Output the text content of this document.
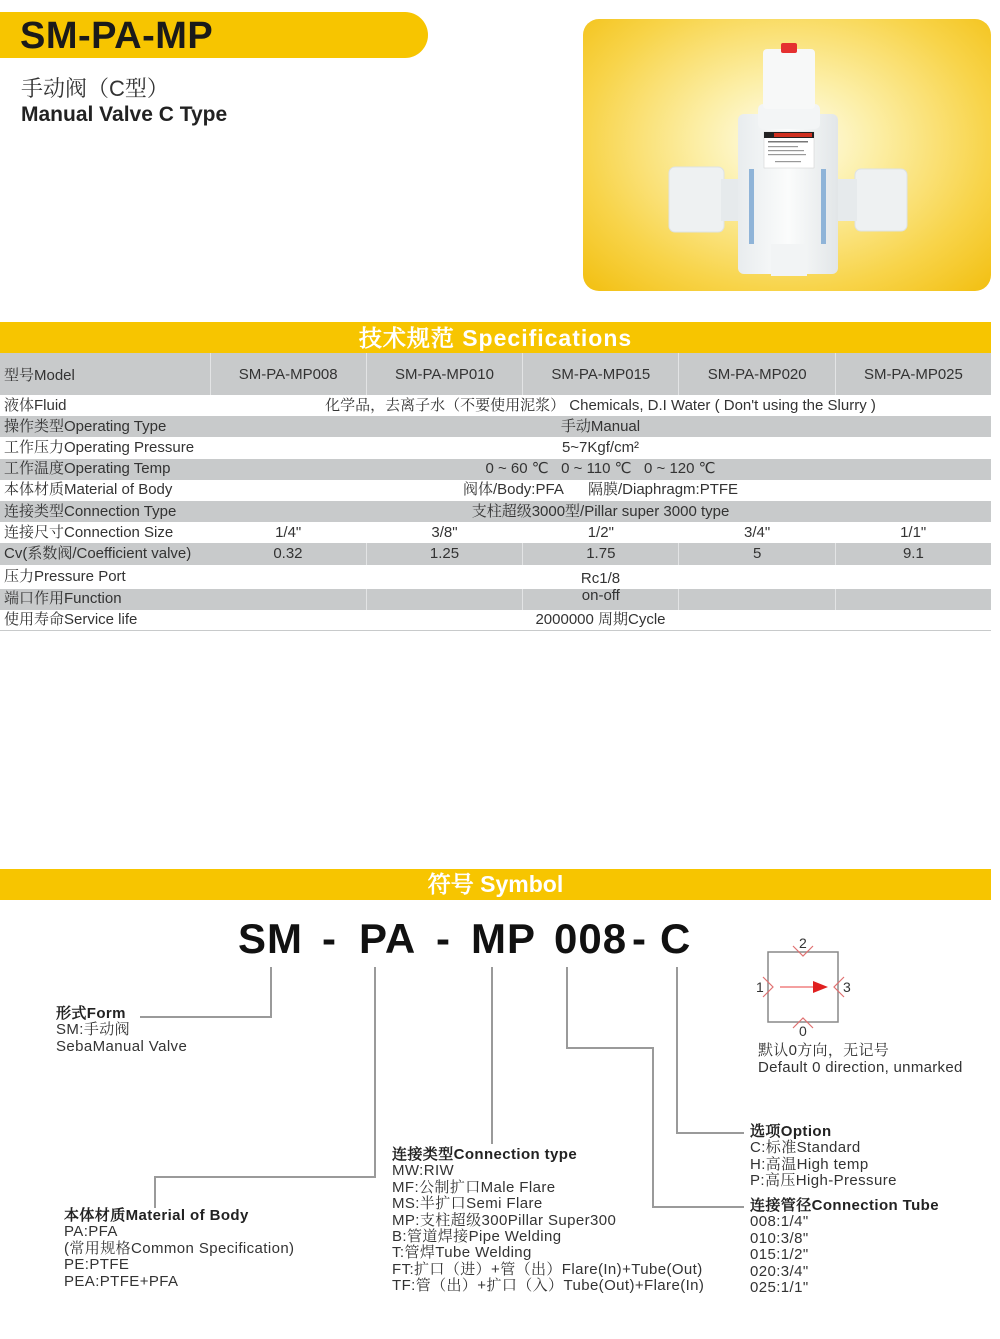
SM-PA-MP
手动阀（C型）
Manual Valve C Type
技术规范 Specifications
型号Model	SM-PA-MP008	SM-PA-MP010	SM-PA-MP015	SM-PA-MP020	SM-PA-MP025
液体Fluid	化学品，去离子水（不要使用泥浆） Chemicals, D.I Water ( Don't using the Slurry )				
操作类型Operating Type	手动Manual				
工作压力Operating Pressure	5~7Kgf/cm²				
工作温度Operating Temp	0 ~ 60 ℃   0 ~ 110 ℃   0 ~ 120 ℃				
本体材质Material of Body	阀体/Body:PFA      隔膜/Diaphragm:PTFE				
连接类型Connection Type	支柱超级3000型/Pillar super 3000 type				
连接尺寸Connection Size	1/4"	3/8"	1/2"	3/4"	1/1"
Cv(系数阀/Coefficient valve)	0.32	1.25	1.75	5	9.1
压力Pressure Port	Rc1/8				
端口作用Function			on-off		
使用寿命Service life	2000000 周期Cycle				
符号 Symbol
SM - PA - MP 008 - C
形式Form
SM:手动阀
SebaManual Valve
本体材质Material of Body
PA:PFA
(常用规格Common Specification)
PE:PTFE
PEA:PTFE+PFA
连接类型Connection type
MW:RIW
MF:公制扩口Male Flare
MS:半扩口Semi Flare
MP:支柱超级300Pillar Super300
B:管道焊接Pipe Welding
T:管焊Tube Welding
FT:扩口（进）+管（出）Flare(In)+Tube(Out)
TF:管（出）+扩口（入）Tube(Out)+Flare(In)
选项Option
C:标准Standard
H:高温High temp
P:高压High-Pressure
连接管径Connection Tube
008:1/4"
010:3/8"
015:1/2"
020:3/4"
025:1/1"
2
1	3
0
默认0方向，无记号
Default 0 direction, unmarked
